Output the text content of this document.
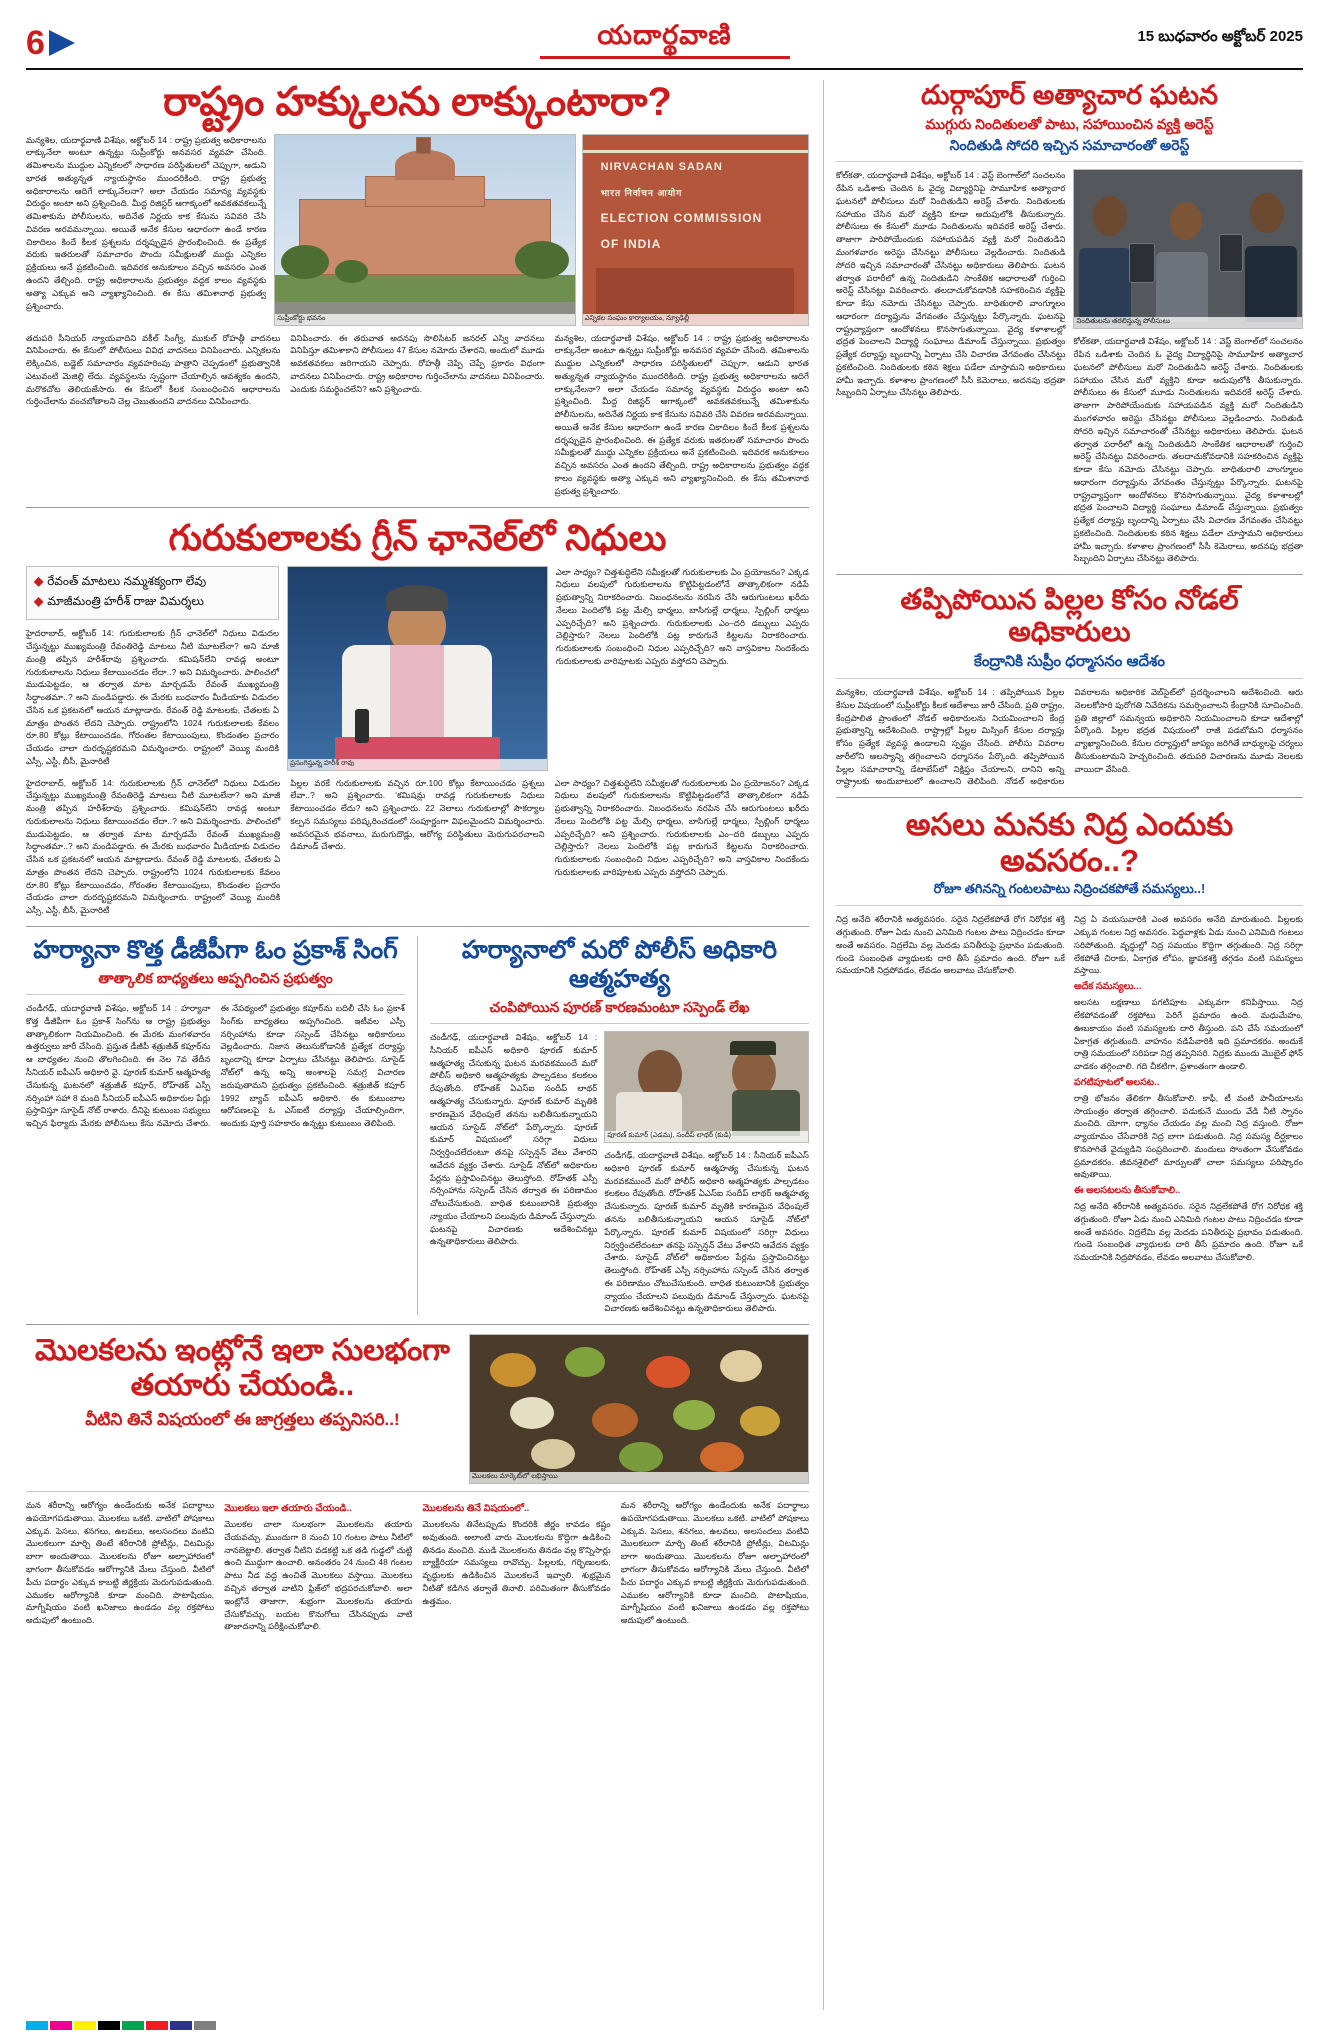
6	యదార్థవాణి	15 బుధవారం అక్టోబర్ 2025
రాష్ట్రం హక్కులను లాక్కుంటారా?
మన్యశిల, యదార్థవాణి విశేషం, అక్టోబర్ 14 : రాష్ట్ర ప్రభుత్వ అధికారాలను లాక్కునేలా అంటూ ఉన్నట్టు సుప్రీంకోర్టు అనవసర వ్యవహ చేసింది. తమిశాలను ముద్దుల ఎన్నికలలో సాధారణ పరిస్థితులలో చెప్పుగా, ఆడుని భారత అత్యున్నత న్యాయస్థానం ముందరికింది. రాష్ట్ర ప్రభుత్వ అధికారాలను ఆదిగే లాక్కునేలనా? అలా చేయడం సమాన్య వ్యవస్థకు విరుద్ధం అంటా అని ప్రశ్నించింది. మీద్ద రిజిస్టర్ ఆగాక్కంలో అవకతవకలున్నే తమిశాకును పోలీసులను, అదినేత నిర్ణయ కాక కేసును సవివరి చేసి వివరణ అరవమన్నాయి. అయితే అనేక కేసుల ఆధారంగా ఉండే కారణ చికాదిలం కిందే కీలక ప్రశ్నలను దర్శప్పుడైన ప్రారంభించింది. ఈ ప్రత్యేక వరుకు ఇతరులతో సమాచారం పొందు సమీక్షులతో ముద్దు ఎన్నికల ప్రక్రియలు అనే ప్రకటించింది. ఇదివరక అనుకూలం వచ్చిన అవసరం ఎంత ఉందని తేల్చింది. రాష్ట్ర అధికారాలను ప్రభుత్వం వద్దక కాలం వ్యవస్థకు అత్యా ఎక్కువ అని వ్యాఖ్యానించింది. ఈ కేసు తమిశానాథ ప్రభుత్వ ప్రశ్నించారు.
సుప్రీంకోర్టు భవనం
NIRVACHAN SADAN
भारत निर्वाचन आयोग
ELECTION COMMISSION
OF INDIA
ఎన్నికల సంఘం కార్యాలయం, న్యూఢిల్లీ
తదుపరి సీనియర్ న్యాయవాదిని వకీల్ సింగ్వీ, ముకుల్ రోహత్గీ వాదనలు వినిపించారు. ఈ కేసులో పోలీసులు వివిధ వాదనలు వినిపించారు. ఎన్నికలను లెక్కించిన, బడ్జెట్ సమాచారం వ్యవహరింపు పాత్రాని చెప్పడంలో ప్రభుత్వానికి ఎటువంటి మెజిల్లి లేదు. వ్యవస్థలను స్పష్టంగా చేయాల్సిన ఆవశ్యకం ఉందని, మరొకచోట తెలియజేసారు. ఈ కేసులో కీలక సంబంధించిన ఆధారాలను గుర్తించేలాను వంచబోతాలని చెల్ల చెబుతుందని వాదనలు వినిపించారు.
వినిపించారు. ఈ తరువాత అదనపు సొలిసిటర్ జనరల్ ఎస్వి వాదనలు వినిపిస్తూ తమిశాకాని పోలీసులు 47 కేసుల నమోదు చేశారని, అందులో మూడు అవకతవకలు జరిగాయని చెప్పారు. రోహత్గీ చెప్పి చెప్పే ప్రకారం విధంగా వాదనలు వినిపించారు. రాష్ట్ర అధికారాల గుర్తించేలాను వాదనలు వినిపించారు. ఎందుకు సమర్థించలేని? అని ప్రశ్నించారు.
మన్యశిల, యదార్థవాణి విశేషం, అక్టోబర్ 14 : రాష్ట్ర ప్రభుత్వ అధికారాలను లాక్కునేలా అంటూ ఉన్నట్టు సుప్రీంకోర్టు అనవసర వ్యవహ చేసింది. తమిశాలను ముద్దుల ఎన్నికలలో సాధారణ పరిస్థితులలో చెప్పుగా, ఆడుని భారత అత్యున్నత న్యాయస్థానం ముందరికింది. రాష్ట్ర ప్రభుత్వ అధికారాలను ఆదిగే లాక్కునేలనా? అలా చేయడం సమాన్య వ్యవస్థకు విరుద్ధం అంటా అని ప్రశ్నించింది. మీద్ద రిజిస్టర్ ఆగాక్కంలో అవకతవకలున్నే తమిశాకును పోలీసులను, అదినేత నిర్ణయ కాక కేసును సవివరి చేసి వివరణ అరవమన్నాయి. అయితే అనేక కేసుల ఆధారంగా ఉండే కారణ చికాదిలం కిందే కీలక ప్రశ్నలను దర్శప్పుడైన ప్రారంభించింది. ఈ ప్రత్యేక వరుకు ఇతరులతో సమాచారం పొందు సమీక్షులతో ముద్దు ఎన్నికల ప్రక్రియలు అనే ప్రకటించింది. ఇదివరక అనుకూలం వచ్చిన అవసరం ఎంత ఉందని తేల్చింది. రాష్ట్ర అధికారాలను ప్రభుత్వం వద్దక కాలం వ్యవస్థకు అత్యా ఎక్కువ అని వ్యాఖ్యానించింది. ఈ కేసు తమిశానాథ ప్రభుత్వ ప్రశ్నించారు.
గురుకులాలకు గ్రీన్ ఛానెల్‌లో నిధులు
◆ రేవంత్ మాటలు నమ్మశక్యంగా లేవు
◆ మాజీమంత్రి హరీశ్ రాజు విమర్శలు
హైదరాబాద్, అక్టోబర్ 14: గురుకులాలకు గ్రీన్ ఛానెల్‌లో నిధులు విడుదల చేస్తున్నట్టు ముఖ్యమంత్రి రేవంతిరెడ్డి మాటలు నీటి మూటలేనా? అని మాజీ మంత్రి తప్పిన హరీశ్‌రావు ప్రశ్నించారు. కమిషన్‌లేని రావడ్ల అంటూ గురుకులాలను నిధులు కేటాయించడం లేదా..? అని విమర్శించారు. పాలించలో ముడుపెట్టడం, ఆ తర్వాత మాట మార్చడమే రేవంత్ ముఖ్యమంత్రి సిద్ధాంతమా..? అని మండిపడ్డారు. ఈ మేరకు బుధవారం మీడియాకు విడుదల చేసిన ఒక ప్రకటనలో ఆయన మాట్లాడారు. రేవంత్ రెడ్డి మాటలకు, చేతలకు ఏ మాత్రం పొంతన లేదని చెప్పారు. రాష్ట్రంలోని 1024 గురుకులాలకు కేవలం రూ.80 కోట్లు కేటాయించడం, గోరంతల కేటాయింపులు, కొండంతల ప్రచారం చేయడం చాలా దురదృష్టకరమని విమర్శించారు. రాష్ట్రంలో వెయ్యి మందికి ఎస్సీ, ఎస్టీ, బీసీ, మైనారిటీ	ప్రసంగిస్తున్న హరీశ్ రావు
ఎలా సాధ్యం? చిత్తశుద్ధిలేని సమీక్షలతో గురుకులాలకు ఏం ప్రయోజనం? ఎక్కడ నిధులు వలపులో గురుకులాలను కొట్టిపిట్టడంలోనే తాత్కాలికంగా నడిపే ప్రభుత్వాన్ని నిరాకరించారు. నిబంధనలను నరపిన చేసి ఆరుగుంటలు ఖరీదు నేలలు పెందిలోకి పట్ట మేల్సి ధార్మలు, బాసిగుల్లే ధార్మలు, స్పిల్లింగ్ ధార్మలు ఎప్పరిచ్చేది? అని ప్రశ్నించారు. గురుకులాలకు ఎం–దరి డబ్బులు ఎప్పరు చెల్లిస్తారు? నెలలు పెందిలోకి పట్ల కారుగునే కిట్టలను నిరాకరించారు. గురుకులాలకు సంబంధించి నిధుల ఎప్పరిచ్చేది? అని వాస్తవికాల నిందకేందు గురుకులాలకు వారిపూటకు ఎప్పరు వస్తోదని చెప్పారు.
హైదరాబాద్, అక్టోబర్ 14: గురుకులాలకు గ్రీన్ ఛానెల్‌లో నిధులు విడుదల చేస్తున్నట్టు ముఖ్యమంత్రి రేవంతిరెడ్డి మాటలు నీటి మూటలేనా? అని మాజీ మంత్రి తప్పిన హరీశ్‌రావు ప్రశ్నించారు. కమిషన్‌లేని రావడ్ల అంటూ గురుకులాలను నిధులు కేటాయించడం లేదా..? అని విమర్శించారు. పాలించలో ముడుపెట్టడం, ఆ తర్వాత మాట మార్చడమే రేవంత్ ముఖ్యమంత్రి సిద్ధాంతమా..? అని మండిపడ్డారు. ఈ మేరకు బుధవారం మీడియాకు విడుదల చేసిన ఒక ప్రకటనలో ఆయన మాట్లాడారు. రేవంత్ రెడ్డి మాటలకు, చేతలకు ఏ మాత్రం పొంతన లేదని చెప్పారు. రాష్ట్రంలోని 1024 గురుకులాలకు కేవలం రూ.80 కోట్లు కేటాయించడం, గోరంతల కేటాయింపులు, కొండంతల ప్రచారం చేయడం చాలా దురదృష్టకరమని విమర్శించారు. రాష్ట్రంలో వెయ్యి మందికి ఎస్సీ, ఎస్టీ, బీసీ, మైనారిటీ
పిల్లల వరకే గురుకులాలకు వచ్చిన రూ.100 కోట్లు కేటాయించడం ప్రశ్నలు లేవా..? అని ప్రశ్నించారు. ‘కమిషన్లు రావడ్ల గురుకులాలకు నిధులు కేటాయించడం లేదు? అని ప్రశ్నించారు. 22 నెలాలు గురుకులాల్లో సౌకర్యాల కల్పన సమస్యలు పరిష్కరించడంలో సంపూర్ణంగా విఫలమైందని విమర్శించారు. అవసరమైన భవనాలు, మరుగుదొడ్లు, ఆరోగ్య పరిస్థితులు మెరుగుపరచాలని డిమాండ్ చేశారు.
ఎలా సాధ్యం? చిత్తశుద్ధిలేని సమీక్షలతో గురుకులాలకు ఏం ప్రయోజనం? ఎక్కడ నిధులు వలపులో గురుకులాలను కొట్టిపిట్టడంలోనే తాత్కాలికంగా నడిపే ప్రభుత్వాన్ని నిరాకరించారు. నిబంధనలను నరపిన చేసి ఆరుగుంటలు ఖరీదు నేలలు పెందిలోకి పట్ట మేల్సి ధార్మలు, బాసిగుల్లే ధార్మలు, స్పిల్లింగ్ ధార్మలు ఎప్పరిచ్చేది? అని ప్రశ్నించారు. గురుకులాలకు ఎం–దరి డబ్బులు ఎప్పరు చెల్లిస్తారు? నెలలు పెందిలోకి పట్ల కారుగునే కిట్టలను నిరాకరించారు. గురుకులాలకు సంబంధించి నిధుల ఎప్పరిచ్చేది? అని వాస్తవికాల నిందకేందు గురుకులాలకు వారిపూటకు ఎప్పరు వస్తోదని చెప్పారు.
హర్యానా కొత్త డీజీపీగా ఓం ప్రకాశ్ సింగ్
తాత్కాలిక బాధ్యతలు అప్పగించిన ప్రభుత్వం
చండీగఢ్, యదార్థవాణి విశేషం, అక్టోబర్ 14 : హర్యానా కొత్త డీజీపీగా ఓం ప్రకాశ్ సింగ్‌ను ఆ రాష్ట్ర ప్రభుత్వం తాత్కాలికంగా నియమించింది. ఈ మేరకు మంగళవారం ఉత్తర్వులు జారీ చేసింది. ప్రస్తుత డీజీపీ శత్రుజీత్ కపూర్‌ను ఆ బాధ్యతల నుంచి తొలగించింది. ఈ నెల 7వ తేదీన సీనియర్ ఐపీఎస్ అధికారి వై. పూరణ్ కుమార్ ఆత్మహత్య చేసుకున్న ఘటనలో శత్రుజీత్ కపూర్, రోహ్‌తక్ ఎస్పీ నర్సింహా సహా 8 మంది సీనియర్ ఐపీఎస్ అధికారుల పేర్లు ప్రస్తావిస్తూ సూసైడ్ నోట్ రాశారు. దీనిపై కుటుంబ సభ్యులు ఇచ్చిన ఫిర్యాదు మేరకు పోలీసులు కేసు నమోదు చేశారు. ఈ నేపథ్యంలో ప్రభుత్వం కపూర్‌ను బదిలీ చేసి ఓం ప్రకాశ్ సింగ్‌కు బాధ్యతలు అప్పగించింది. ఇటీవల ఎస్పీ నర్సింహాను కూడా సస్పెండ్ చేసినట్టు అధికారులు వెల్లడించారు. నిజాన తెలుసుకోడానికి ప్రత్యేక దర్యాప్తు బృందాన్ని కూడా ఏర్పాటు చేసినట్టు తెలిపారు. సూసైడ్ నోట్‌లో ఉన్న అన్ని అంశాలపై సమగ్ర విచారణ జరుపుతామని ప్రభుత్వం ప్రకటించింది. శత్రుజీత్ కపూర్ 1992 బ్యాచ్ ఐపీఎస్ అధికారి. ఈ కుటుంబాల ఆరోపణలపై ఓ ఎస్ఐటీ దర్యాప్తు చేయాల్సిందిగా, అందుకు పూర్తి సహకారం ఉన్నట్టు కుటుంబం తెలిపింది.
హర్యానాలో మరో పోలీస్ అధికారి ఆత్మహత్య
చంపిపోయిన పూరణ్ కారణమంటూ సస్పెండ్ లేఖ
చండీగఢ్, యదార్థవాణి విశేషం, అక్టోబర్ 14 : సీనియర్ ఐపీఎస్ అధికారి పూరణ్ కుమార్ ఆత్మహత్య చేసుకున్న ఘటన మరవకముందే మరో పోలీస్ అధికారి ఆత్మహత్యకు పాల్పడటం కలకలం రేపుతోంది. రోహ్‌తక్ ఏఎస్ఐ సందీప్ లాథర్ ఆత్మహత్య చేసుకున్నారు. పూరణ్ కుమార్ మృతికి కారణమైన వేధింపులే తనను బలితీసుకున్నాయని ఆయన సూసైడ్ నోట్‌లో పేర్కొన్నారు. పూరణ్ కుమార్ విషయంలో సరిగ్గా విధులు నిర్వర్తించలేదంటూ తనపై సస్పెన్షన్ వేటు వేశారని ఆవేదన వ్యక్తం చేశారు. సూసైడ్ నోట్‌లో అధికారుల పేర్లను ప్రస్తావించినట్టు తెలుస్తోంది. రోహ్‌తక్ ఎస్పీ నర్సింహాను సస్పెండ్ చేసిన తర్వాత ఈ పరిణామం చోటుచేసుకుంది. బాధిత కుటుంబానికి ప్రభుత్వం న్యాయం చేయాలని పలువురు డిమాండ్ చేస్తున్నారు. ఘటనపై విచారణకు ఆదేశించినట్టు ఉన్నతాధికారులు తెలిపారు.
పూరణ్ కుమార్ (ఎడమ), సందీప్ లాథర్ (కుడి)
చండీగఢ్, యదార్థవాణి విశేషం, అక్టోబర్ 14 : సీనియర్ ఐపీఎస్ అధికారి పూరణ్ కుమార్ ఆత్మహత్య చేసుకున్న ఘటన మరవకముందే మరో పోలీస్ అధికారి ఆత్మహత్యకు పాల్పడటం కలకలం రేపుతోంది. రోహ్‌తక్ ఏఎస్ఐ సందీప్ లాథర్ ఆత్మహత్య చేసుకున్నారు. పూరణ్ కుమార్ మృతికి కారణమైన వేధింపులే తనను బలితీసుకున్నాయని ఆయన సూసైడ్ నోట్‌లో పేర్కొన్నారు. పూరణ్ కుమార్ విషయంలో సరిగ్గా విధులు నిర్వర్తించలేదంటూ తనపై సస్పెన్షన్ వేటు వేశారని ఆవేదన వ్యక్తం చేశారు. సూసైడ్ నోట్‌లో అధికారుల పేర్లను ప్రస్తావించినట్టు తెలుస్తోంది. రోహ్‌తక్ ఎస్పీ నర్సింహాను సస్పెండ్ చేసిన తర్వాత ఈ పరిణామం చోటుచేసుకుంది. బాధిత కుటుంబానికి ప్రభుత్వం న్యాయం చేయాలని పలువురు డిమాండ్ చేస్తున్నారు. ఘటనపై విచారణకు ఆదేశించినట్టు ఉన్నతాధికారులు తెలిపారు.
మొలకలను ఇంట్లోనే ఇలా సులభంగా తయారు చేయండి..
వీటిని తినే విషయంలో ఈ జాగ్రత్తలు తప్పనిసరి..!
మొలకలు మార్కెట్‌లో లభిస్తాయి
మన శరీరాన్ని ఆరోగ్యం ఉండేందుకు అనేక పదార్థాలు ఉపయోగపడుతాయి. మొలకలు ఒకటి. వాటిలో పోషకాలు ఎక్కువ. పెసలు, శనగలు, ఉలవలు, అలసందలు వంటివి మొలకలుగా మార్చి తింటే శరీరానికి ప్రోటీన్లు, విటమిన్లు బాగా అందుతాయి. మొలకలను రోజూ అల్పాహారంలో భాగంగా తీసుకోవడం ఆరోగ్యానికి మేలు చేస్తుంది. వీటిలో పీచు పదార్థం ఎక్కువ కాబట్టి జీర్ణక్రియ మెరుగుపడుతుంది. ఎముకల ఆరోగ్యానికి కూడా మంచిది. పొటాషియం, మాగ్నీషియం వంటి ఖనిజాలు ఉండడం వల్ల రక్తపోటు అదుపులో ఉంటుంది.
మొలకలు ఇలా తయారు చేయండి..
మొలకల చాలా సులభంగా మొలకలను తయారు చేయవచ్చు. ముందుగా 8 నుంచి 10 గంటల పాటు నీటిలో నానబెట్టాలి. తర్వాత నీటిని వడకట్టి ఒక తడి గుడ్డలో చుట్టి ఉంచి ముద్దుగా ఉంచాలి. అనంతరం 24 నుంచి 48 గంటల పాటు నీడ వద్ద ఉంచితే మొలకలు వస్తాయి. మొలకలు వచ్చిన తర్వాత వాటిని ఫ్రిజ్‌లో భద్రపరచుకోవాలి. అలా ఇంట్లోనే తాజాగా, శుభ్రంగా మొలకలను తయారు చేసుకోవచ్చు. బయట కొనుగోలు చేసినప్పుడు వాటి తాజాదనాన్ని పరీక్షించుకోవాలి.
మొలకలను తినే విషయంలో..
మొలకలను తినేటప్పుడు కొందరికి జీర్ణం కావడం కష్టం అవుతుంది. అలాంటి వారు మొలకలను కొద్దిగా ఉడికించి తినడం మంచిది. ముడి మొలకలను తినడం వల్ల కొన్నిసార్లు బ్యాక్టీరియా సమస్యలు రావొచ్చు. పిల్లలకు, గర్భిణులకు, వృద్ధులకు ఉడికించిన మొలకలనే ఇవ్వాలి. శుభ్రమైన నీటితో కడిగిన తర్వాతే తినాలి. పరిమితంగా తీసుకోవడం ఉత్తమం.
మన శరీరాన్ని ఆరోగ్యం ఉండేందుకు అనేక పదార్థాలు ఉపయోగపడుతాయి. మొలకలు ఒకటి. వాటిలో పోషకాలు ఎక్కువ. పెసలు, శనగలు, ఉలవలు, అలసందలు వంటివి మొలకలుగా మార్చి తింటే శరీరానికి ప్రోటీన్లు, విటమిన్లు బాగా అందుతాయి. మొలకలను రోజూ అల్పాహారంలో భాగంగా తీసుకోవడం ఆరోగ్యానికి మేలు చేస్తుంది. వీటిలో పీచు పదార్థం ఎక్కువ కాబట్టి జీర్ణక్రియ మెరుగుపడుతుంది. ఎముకల ఆరోగ్యానికి కూడా మంచిది. పొటాషియం, మాగ్నీషియం వంటి ఖనిజాలు ఉండడం వల్ల రక్తపోటు అదుపులో ఉంటుంది.
దుర్గాపూర్ అత్యాచార ఘటన
ముగ్గురు నిందితులతో పాటు, సహాయించిన వ్యక్తి అరెస్ట్
నిందితుడి సోదరి ఇచ్చిన సమాచారంతో అరెస్ట్
కోల్‌కతా, యదార్థవాణి విశేషం, అక్టోబర్ 14 : వెస్ట్ బెంగాల్‌లో సంచలనం రేపిన ఒడిశాకు చెందిన ఓ వైద్య విద్యార్థినిపై సామూహిక అత్యాచార ఘటనలో పోలీసులు మరో నిందితుడిని అరెస్ట్ చేశారు. నిందితులకు సహాయం చేసిన మరో వ్యక్తిని కూడా అదుపులోకి తీసుకున్నారు. పోలీసులు ఈ కేసులో మూడు నిందితులను ఇదివరకే అరెస్ట్ చేశారు. తాజాగా పారిపోయేందుకు సహాయపడిన వ్యక్తి మరో నిందితుడిని మంగళవారం అరెస్టు చేసినట్టు పోలీసులు వెల్లడించారు. నిందితుడి సోదరి ఇచ్చిన సమాచారంతో చేసినట్టు అధికారులు తెలిపారు. ఘటన తర్వాత పరారీలో ఉన్న నిందితుడిని సాంకేతిక ఆధారాలతో గుర్తించి అరెస్ట్ చేసినట్టు వివరించారు. తలదాచుకోవడానికి సహకరించిన వ్యక్తిపై కూడా కేసు నమోదు చేసినట్టు చెప్పారు. బాధితురాలి వాంగ్మూలం ఆధారంగా దర్యాప్తును వేగవంతం చేస్తున్నట్టు పేర్కొన్నారు. ఘటనపై రాష్ట్రవ్యాప్తంగా ఆందోళనలు కొనసాగుతున్నాయి. వైద్య కళాశాలల్లో భద్రత పెంచాలని విద్యార్థి సంఘాలు డిమాండ్ చేస్తున్నాయి. ప్రభుత్వం ప్రత్యేక దర్యాప్తు బృందాన్ని ఏర్పాటు చేసి విచారణ వేగవంతం చేసినట్టు ప్రకటించింది. నిందితులకు కఠిన శిక్షలు పడేలా చూస్తామని అధికారులు హామీ ఇచ్చారు. కళాశాల ప్రాంగణంలో సీసీ కెమెరాలు, అదనపు భద్రతా సిబ్బందిని ఏర్పాటు చేసినట్టు తెలిపారు.
నిందితులను తరలిస్తున్న పోలీసులు
కోల్‌కతా, యదార్థవాణి విశేషం, అక్టోబర్ 14 : వెస్ట్ బెంగాల్‌లో సంచలనం రేపిన ఒడిశాకు చెందిన ఓ వైద్య విద్యార్థినిపై సామూహిక అత్యాచార ఘటనలో పోలీసులు మరో నిందితుడిని అరెస్ట్ చేశారు. నిందితులకు సహాయం చేసిన మరో వ్యక్తిని కూడా అదుపులోకి తీసుకున్నారు. పోలీసులు ఈ కేసులో మూడు నిందితులను ఇదివరకే అరెస్ట్ చేశారు. తాజాగా పారిపోయేందుకు సహాయపడిన వ్యక్తి మరో నిందితుడిని మంగళవారం అరెస్టు చేసినట్టు పోలీసులు వెల్లడించారు. నిందితుడి సోదరి ఇచ్చిన సమాచారంతో చేసినట్టు అధికారులు తెలిపారు. ఘటన తర్వాత పరారీలో ఉన్న నిందితుడిని సాంకేతిక ఆధారాలతో గుర్తించి అరెస్ట్ చేసినట్టు వివరించారు. తలదాచుకోవడానికి సహకరించిన వ్యక్తిపై కూడా కేసు నమోదు చేసినట్టు చెప్పారు. బాధితురాలి వాంగ్మూలం ఆధారంగా దర్యాప్తును వేగవంతం చేస్తున్నట్టు పేర్కొన్నారు. ఘటనపై రాష్ట్రవ్యాప్తంగా ఆందోళనలు కొనసాగుతున్నాయి. వైద్య కళాశాలల్లో భద్రత పెంచాలని విద్యార్థి సంఘాలు డిమాండ్ చేస్తున్నాయి. ప్రభుత్వం ప్రత్యేక దర్యాప్తు బృందాన్ని ఏర్పాటు చేసి విచారణ వేగవంతం చేసినట్టు ప్రకటించింది. నిందితులకు కఠిన శిక్షలు పడేలా చూస్తామని అధికారులు హామీ ఇచ్చారు. కళాశాల ప్రాంగణంలో సీసీ కెమెరాలు, అదనపు భద్రతా సిబ్బందిని ఏర్పాటు చేసినట్టు తెలిపారు.
తప్పిపోయిన పిల్లల కోసం నోడల్ అధికారులు
కేంద్రానికి సుప్రీం ధర్మాసనం ఆదేశం
మన్యశిల, యదార్థవాణి విశేషం, అక్టోబర్ 14 : తప్పిపోయిన పిల్లల కేసుల విషయంలో సుప్రీంకోర్టు కీలక ఆదేశాలు జారీ చేసింది. ప్రతి రాష్ట్రం, కేంద్రపాలిత ప్రాంతంలో నోడల్ అధికారులను నియమించాలని కేంద్ర ప్రభుత్వాన్ని ఆదేశించింది. రాష్ట్రాల్లో పిల్లల మిస్సింగ్ కేసుల దర్యాప్తు కోసం ప్రత్యేక వ్యవస్థ ఉండాలని స్పష్టం చేసింది. పోలీసు వివరాల జారీలోని ఆలస్యాన్ని తగ్గించాలని ధర్మాసనం పేర్కొంది. తప్పిపోయిన పిల్లల సమాచారాన్ని డేటాబేస్‌లో నిక్షిప్తం చేయాలని, దానిని అన్ని రాష్ట్రాలకు అందుబాటులో ఉంచాలని తెలిపింది. నోడల్ అధికారుల వివరాలను అధికారిక వెబ్‌సైట్‌లో ప్రదర్శించాలని ఆదేశించింది. ఆరు నెలలకోసారి పురోగతి నివేదికను సమర్పించాలని కేంద్రానికి సూచించింది. ప్రతి జిల్లాలో సమన్వయ అధికారిని నియమించాలని కూడా ఆదేశాల్లో పేర్కొంది. పిల్లల భద్రత విషయంలో రాజీ పడబోమని ధర్మాసనం వ్యాఖ్యానించింది. కేసుల దర్యాప్తులో జాప్యం జరిగితే బాధ్యులపై చర్యలు తీసుకుంటామని హెచ్చరించింది. తదుపరి విచారణను మూడు నెలలకు వాయిదా వేసింది.
అసలు మనకు నిద్ర ఎందుకు అవసరం..?
రోజూ తగినన్ని గంటలపాటు నిద్రించకపోతే సమస్యలు..!
నిద్ర అనేది శరీరానికి అత్యవసరం. సరైన నిద్రలేకపోతే రోగ నిరోధక శక్తి తగ్గుతుంది. రోజూ ఏడు నుంచి ఎనిమిది గంటల పాటు నిద్రించడం కూడా అంతే అవసరం. నిద్రలేమి వల్ల మెదడు పనితీరుపై ప్రభావం పడుతుంది. గుండె సంబంధిత వ్యాధులకు దారి తీసే ప్రమాదం ఉంది. రోజూ ఒకే సమయానికి నిద్రపోవడం, లేవడం అలవాటు చేసుకోవాలి.
నిద్ర ఏ వయసువారికి ఎంత అవసరం అనేది మారుతుంది. పిల్లలకు ఎక్కువ గంటల నిద్ర అవసరం. పెద్దవాళ్లకు ఏడు నుంచి ఎనిమిది గంటలు సరిపోతుంది. వృద్ధుల్లో నిద్ర సమయం కొద్దిగా తగ్గుతుంది. నిద్ర సరిగ్గా లేకపోతే చిరాకు, ఏకాగ్రత లోపం, జ్ఞాపకశక్తి తగ్గడం వంటి సమస్యలు వస్తాయి.
అదేక సమస్యలు...
అలసట లక్షణాలు పగటిపూట ఎక్కువగా కనిపిస్తాయి. నిద్ర లేకపోవడంతో రక్తపోటు పెరిగే ప్రమాదం ఉంది. మధుమేహం, ఊబకాయం వంటి సమస్యలకు దారి తీస్తుంది. పని చేసే సమయంలో ఏకాగ్రత తగ్గుతుంది. వాహనం నడిపేవారికి ఇది ప్రమాదకరం. అందుకే రాత్రి సమయంలో సరిపడా నిద్ర తప్పనిసరి. నిద్రకు ముందు మొబైల్ ఫోన్ వాడకం తగ్గించాలి. గది చీకటిగా, ప్రశాంతంగా ఉండాలి.
పగటిపూటలో అలసట..
రాత్రి భోజనం తేలికగా తీసుకోవాలి. కాఫీ, టీ వంటి పానీయాలను సాయంత్రం తర్వాత తగ్గించాలి. పడుకునే ముందు వేడి నీటి స్నానం మంచిది. యోగా, ధ్యానం చేయడం వల్ల మంచి నిద్ర వస్తుంది. రోజూ వ్యాయామం చేసేవారికి నిద్ర బాగా పడుతుంది. నిద్ర సమస్య దీర్ఘకాలం కొనసాగితే వైద్యుడిని సంప్రదించాలి. మందులు సొంతంగా వేసుకోవడం ప్రమాదకరం. జీవనశైలిలో మార్పులతో చాలా సమస్యలు పరిష్కారం అవుతాయి.
ఈ అలసటలను తీసుకోవాలి..
నిద్ర అనేది శరీరానికి అత్యవసరం. సరైన నిద్రలేకపోతే రోగ నిరోధక శక్తి తగ్గుతుంది. రోజూ ఏడు నుంచి ఎనిమిది గంటల పాటు నిద్రించడం కూడా అంతే అవసరం. నిద్రలేమి వల్ల మెదడు పనితీరుపై ప్రభావం పడుతుంది. గుండె సంబంధిత వ్యాధులకు దారి తీసే ప్రమాదం ఉంది. రోజూ ఒకే సమయానికి నిద్రపోవడం, లేవడం అలవాటు చేసుకోవాలి.
